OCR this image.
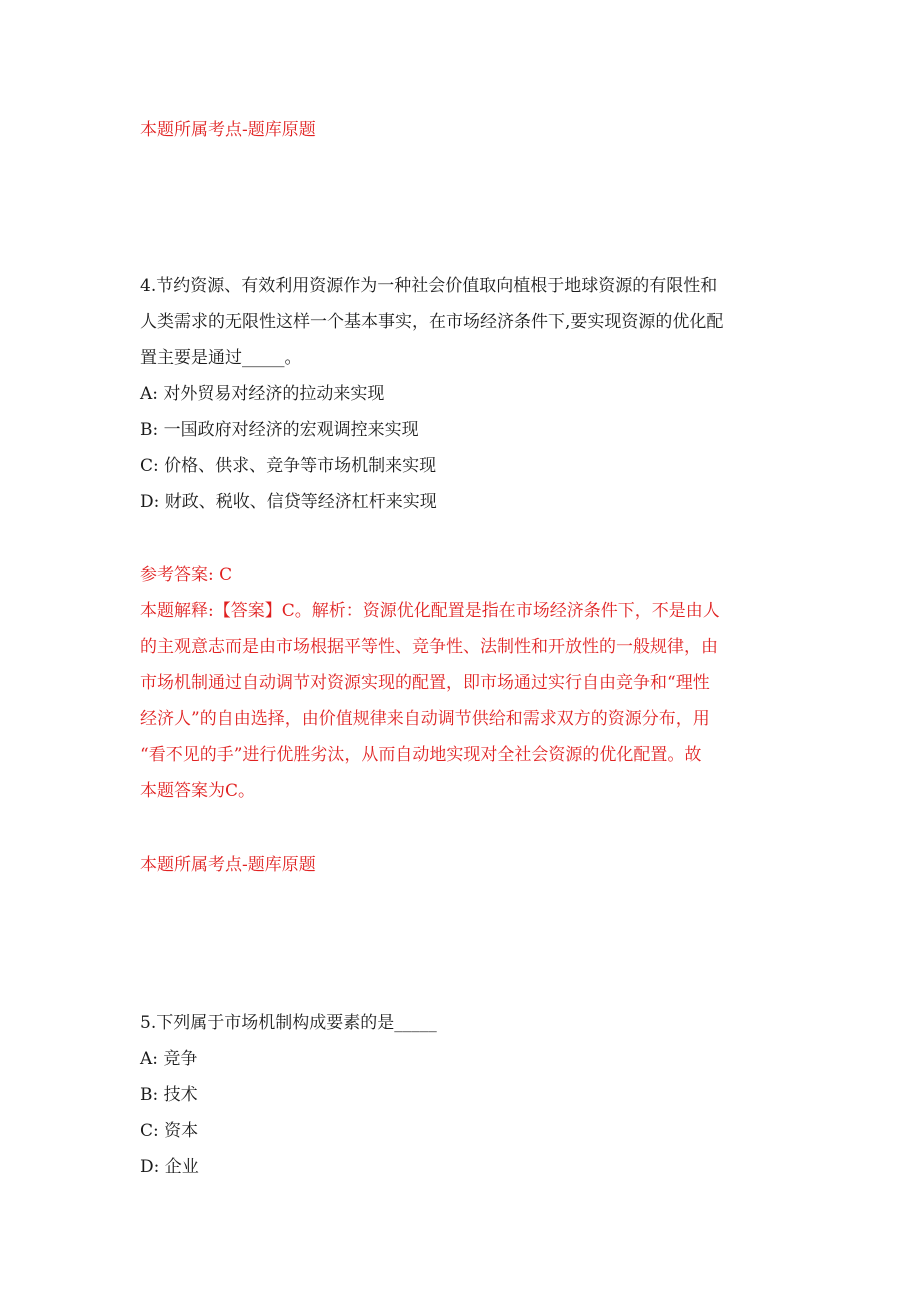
本题所属考点-题库原题
4.节约资源、有效利用资源作为一种社会价值取向植根于地球资源的有限性和
人类需求的无限性这样一个基本事实，在市场经济条件下,要实现资源的优化配
置主要是通过_____。
A: 对外贸易对经济的拉动来实现
B: 一国政府对经济的宏观调控来实现
C: 价格、供求、竞争等市场机制来实现
D: 财政、税收、信贷等经济杠杆来实现
参考答案: C
本题解释:【答案】C。解析：资源优化配置是指在市场经济条件下，不是由人
的主观意志而是由市场根据平等性、竞争性、法制性和开放性的一般规律，由
市场机制通过自动调节对资源实现的配置，即市场通过实行自由竞争和“理性
经济人”的自由选择，由价值规律来自动调节供给和需求双方的资源分布，用
“看不见的手”进行优胜劣汰，从而自动地实现对全社会资源的优化配置。故
本题答案为C。
本题所属考点-题库原题
5.下列属于市场机制构成要素的是_____
A: 竞争
B: 技术
C: 资本
D: 企业
